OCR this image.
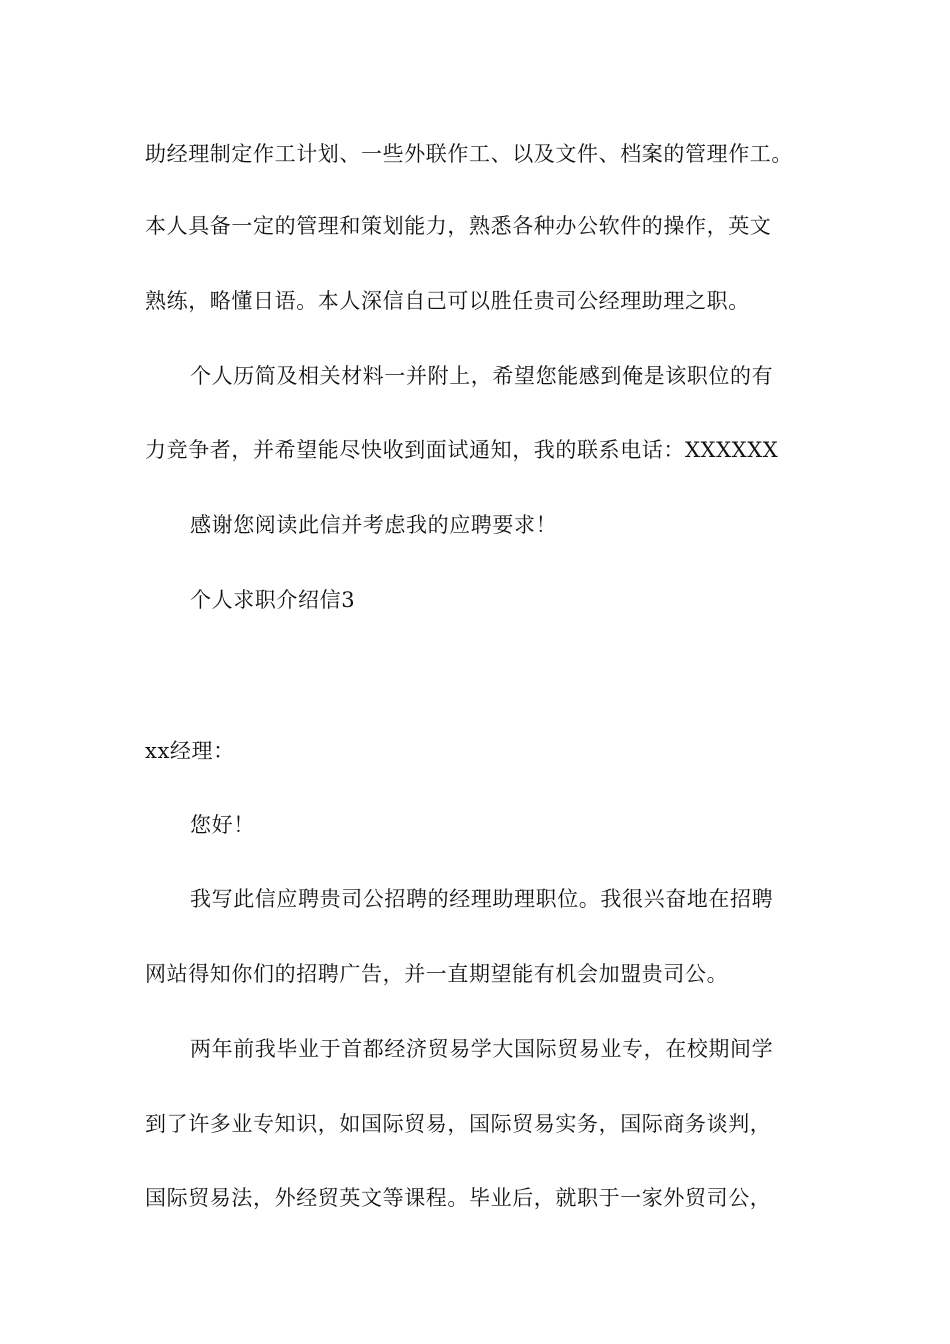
助经理制定作工计划、一些外联作工、以及文件、档案的管理作工。
本人具备一定的管理和策划能力，熟悉各种办公软件的操作，英文
熟练，略懂日语。本人深信自己可以胜任贵司公经理助理之职。
个人历简及相关材料一并附上，希望您能感到俺是该职位的有
力竞争者，并希望能尽快收到面试通知，我的联系电话：XXXXXX
感谢您阅读此信并考虑我的应聘要求！
个人求职介绍信3
xx经理：
您好！
我写此信应聘贵司公招聘的经理助理职位。我很兴奋地在招聘
网站得知你们的招聘广告，并一直期望能有机会加盟贵司公。
两年前我毕业于首都经济贸易学大国际贸易业专，在校期间学
到了许多业专知识，如国际贸易，国际贸易实务，国际商务谈判，
国际贸易法，外经贸英文等课程。毕业后，就职于一家外贸司公，
